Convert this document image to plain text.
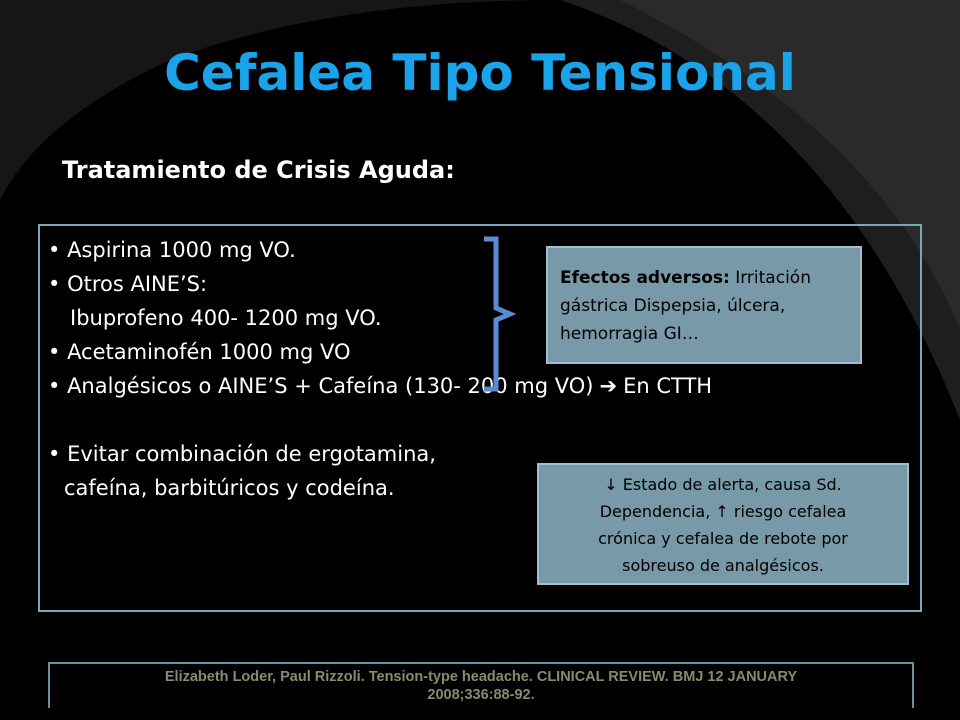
Cefalea Tipo Tensional
Tratamiento de Crisis Aguda:
• Aspirina 1000 mg VO.
• Otros AINE’S:
Ibuprofeno 400- 1200 mg VO.
• Acetaminofén 1000 mg VO
• Analgésicos o AINE’S + Cafeína (130- 200 mg VO) ➔ En CTTH
• Evitar combinación de ergotamina,
cafeína, barbitúricos y codeína.
Efectos adversos: Irritación gástrica Dispepsia, úlcera, hemorragia GI…
↓ Estado de alerta, causa Sd.
Dependencia, ↑ riesgo cefalea
crónica y cefalea de rebote por
sobreuso de analgésicos.
Elizabeth Loder, Paul Rizzoli. Tension-type headache. CLINICAL REVIEW. BMJ 12 JANUARY
2008;336:88-92.
